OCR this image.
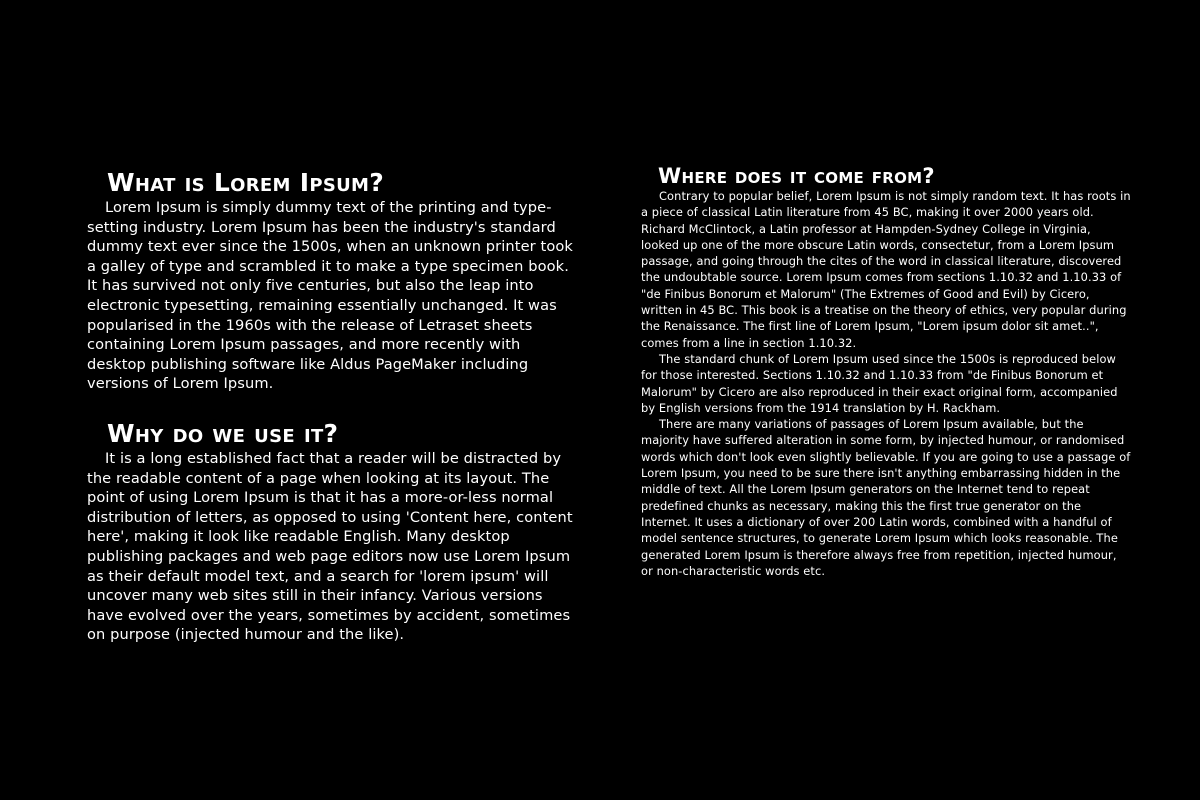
What is Lorem Ipsum?

Lorem Ipsum is simply dummy text of the printing and type-setting industry. Lorem Ipsum has been the industry's standard dummy text ever since the 1500s, when an unknown printer took a galley of type and scrambled it to make a type specimen book. It has survived not only five centuries, but also the leap into electronic typesetting, remaining essentially unchanged. It was popularised in the 1960s with the release of Letraset sheets containing Lorem Ipsum passages, and more recently with desktop publishing software like Aldus PageMaker including versions of Lorem Ipsum.

Why do we use it?

It is a long established fact that a reader will be distracted by the readable content of a page when looking at its layout. The point of using Lorem Ipsum is that it has a more-or-less normal distribution of letters, as opposed to using 'Content here, content here', making it look like readable English. Many desktop publishing packages and web page editors now use Lorem Ipsum as their default model text, and a search for 'lorem ipsum' will uncover many web sites still in their infancy. Various versions have evolved over the years, sometimes by accident, sometimes on purpose (injected humour and the like).

Where does it come from?

Contrary to popular belief, Lorem Ipsum is not simply random text. It has roots in a piece of classical Latin literature from 45 BC, making it over 2000 years old. Richard McClintock, a Latin professor at Hampden-Sydney College in Virginia, looked up one of the more obscure Latin words, consectetur, from a Lorem Ipsum passage, and going through the cites of the word in classical literature, discovered the undoubtable source. Lorem Ipsum comes from sections 1.10.32 and 1.10.33 of "de Finibus Bonorum et Malorum" (The Extremes of Good and Evil) by Cicero, written in 45 BC. This book is a treatise on the theory of ethics, very popular during the Renaissance. The first line of Lorem Ipsum, "Lorem ipsum dolor sit amet..", comes from a line in section 1.10.32.

The standard chunk of Lorem Ipsum used since the 1500s is reproduced below for those interested. Sections 1.10.32 and 1.10.33 from "de Finibus Bonorum et Malorum" by Cicero are also reproduced in their exact original form, accompanied by English versions from the 1914 translation by H. Rackham.

There are many variations of passages of Lorem Ipsum available, but the majority have suffered alteration in some form, by injected humour, or randomised words which don't look even slightly believable. If you are going to use a passage of Lorem Ipsum, you need to be sure there isn't anything embarrassing hidden in the middle of text. All the Lorem Ipsum generators on the Internet tend to repeat predefined chunks as necessary, making this the first true generator on the Internet. It uses a dictionary of over 200 Latin words, combined with a handful of model sentence structures, to generate Lorem Ipsum which looks reasonable. The generated Lorem Ipsum is therefore always free from repetition, injected humour, or non-characteristic words etc.
